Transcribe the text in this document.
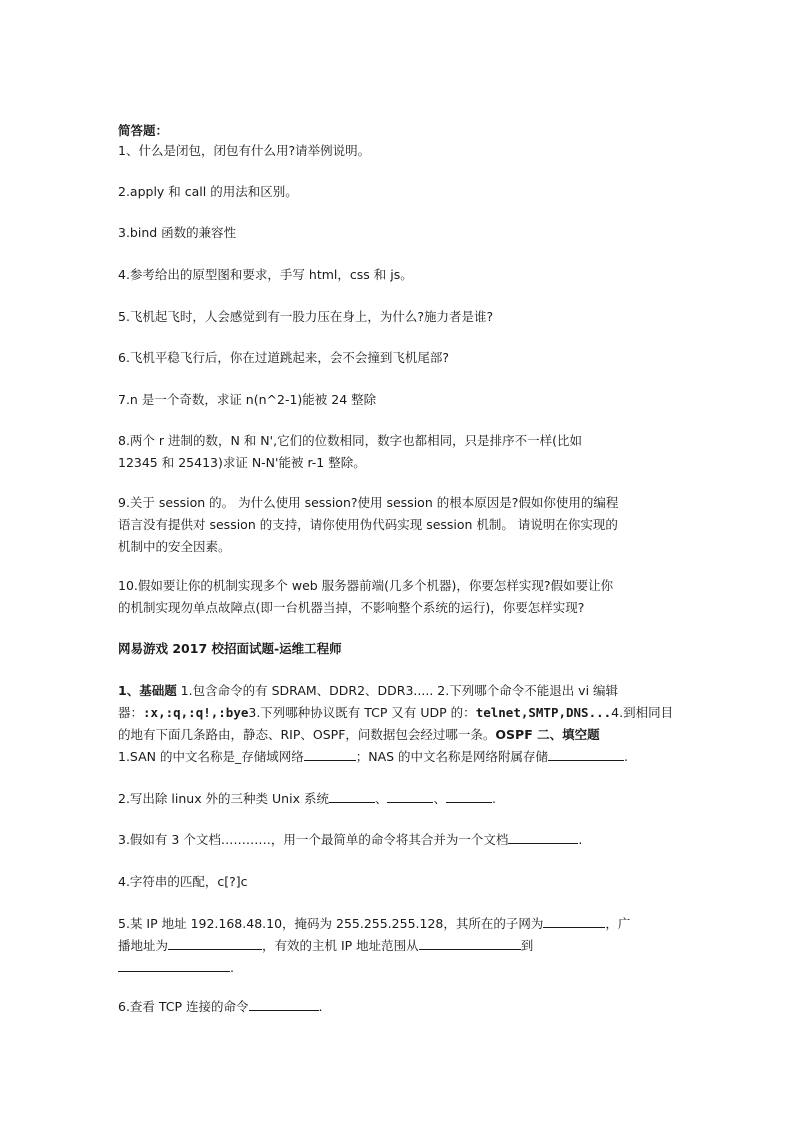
简答题：

1、什么是闭包，闭包有什么用?请举例说明。

2.apply 和 call 的用法和区别。

3.bind 函数的兼容性

4.参考给出的原型图和要求，手写 html，css 和 js。

5.飞机起飞时，人会感觉到有一股力压在身上，为什么?施力者是谁?

6.飞机平稳飞行后，你在过道跳起来，会不会撞到飞机尾部?

7.n 是一个奇数，求证 n(n^2-1)能被 24 整除

8.两个 r 进制的数，N 和 N',它们的位数相同，数字也都相同，只是排序不一样(比如

12345 和 25413)求证 N-N'能被 r-1 整除。

9.关于 session 的。 为什么使用 session?使用 session 的根本原因是?假如你使用的编程

语言没有提供对 session 的支持，请你使用伪代码实现 session 机制。 请说明在你实现的

机制中的安全因素。

10.假如要让你的机制实现多个 web 服务器前端(几多个机器)，你要怎样实现?假如要让你

的机制实现勿单点故障点(即一台机器当掉，不影响整个系统的运行)，你要怎样实现?

网易游戏 2017 校招面试题-运维工程师

1、基础题 1.包含命令的有 SDRAM、DDR2、DDR3..... 2.下列哪个命令不能退出 vi 编辑器：:x,:q,:q!,:bye3.下列哪种协议既有 TCP 又有 UDP 的：telnet,SMTP,DNS...4.到相同目的地有下面几条路由，静态、RIP、OSPF，问数据包会经过哪一条。OSPF 二、填空题

1.SAN 的中文名称是_存储域网络	；NAS 的中文名称是网络附属存储	.

2.写出除 linux 外的三种类 Unix 系统	、	、	.

3.假如有 3 个文档…………，用一个最简单的命令将其合并为一个文档	.

4.字符串的匹配，c[?]c

5.某 IP 地址 192.168.48.10，掩码为 255.255.255.128，其所在的子网为	，广

播地址为	，有效的主机 IP 地址范围从	到

.

6.查看 TCP 连接的命令	.
